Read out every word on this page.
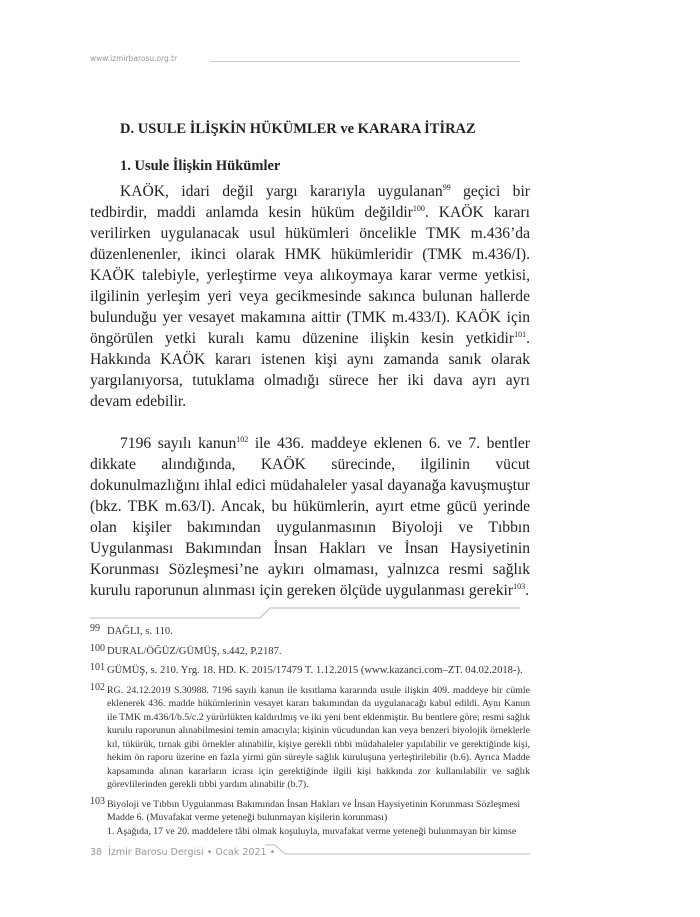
www.izmirbarosu.org.tr
D. USULE İLİŞKİN HÜKÜMLER ve KARARA İTİRAZ
1. Usule İlişkin Hükümler

KAÖK, idari değil yargı kararıyla uygulanan$^{99}$ geçici bir tedbirdir, maddi anlamda kesin hüküm değildir$^{100}$. KAÖK kararı verilirken uygulanacak usul hükümleri öncelikle TMK m.436’da düzenlenenler, ikinci olarak HMK hükümleridir (TMK m.436/I). KAÖK talebiyle, yerleştirme veya alıkoymaya karar verme yetkisi, ilgilinin yerleşim yeri veya gecikmesinde sakınca bulunan hallerde bulunduğu yer vesayet makamına aittir (TMK m.433/I). KAÖK için öngörülen yetki kuralı kamu düzenine ilişkin kesin yetkidir$^{101}$. Hakkında KAÖK kararı istenen kişi aynı zamanda sanık olarak yargılanıyorsa, tutuklama olmadığı sürece her iki dava ayrı ayrı devam edebilir.

7196 sayılı kanun$^{102}$ ile 436. maddeye eklenen 6. ve 7. bentler dikkate alındığında, KAÖK sürecinde, ilgilinin vücut dokunulmazlığını ihlal edici müdahaleler yasal dayanağa kavuşmuştur (bkz. TBK m.63/I). Ancak, bu hükümlerin, ayırt etme gücü yerinde olan kişiler bakımından uygulanmasının Biyoloji ve Tıbbın Uygulanması Bakımından İnsan Hakları ve İnsan Haysiyetinin Korunması Sözleşmesi’ne aykırı olmaması, yalnızca resmi sağlık kurulu raporunun alınması için gereken ölçüde uygulanması gerekir$^{103}$.

99 DAĞLI, s. 110.
100 DURAL/ÖĞÜZ/GÜMÜŞ, s.442, P.2187.
101 GÜMÜŞ, s. 210. Yrg. 18. HD. K. 2015/17479 T. 1.12.2015 (www.kazanci.com–ZT. 04.02.2018-).
102 RG. 24.12.2019 S.30988. 7196 sayılı kanun ile kısıtlama kararında usule ilişkin 409. maddeye bir cümle eklenerek 436. madde hükümlerinin vesayet kararı bakımından da uygulanacağı kabul edildi. Aynı Kanun ile TMK m.436/I/b.5/c.2 yürürlükten kaldırılmış ve iki yeni bent eklenmiştir. Bu bentlere göre; resmi sağlık kurulu raporunun alınabilmesini temin amacıyla; kişinin vücudundan kan veya benzeri biyolojik örneklerle kıl, tükürük, tırnak gibi örnekler alınabilir, kişiye gerekli tıbbi müdahaleler yapılabilir ve gerektiğinde kişi, hekim ön raporu üzerine en fazla yirmi gün süreyle sağlık kuruluşuna yerleştirilebilir (b.6). Ayrıca Madde kapsamında alınan kararların icrası için gerektiğinde ilgili kişi hakkında zor kullanılabilir ve sağlık görevlilerinden gerekli tıbbi yardım alınabilir (b.7).
103 Biyoloji ve Tıbbın Uygulanması Bakımından İnsan Hakları ve İnsan Haysiyetinin Korunması Sözleşmesi
Madde 6. (Muvafakat verme yeteneği bulunmayan kişilerin korunması)
1. Aşağıda, 17 ve 20. maddelere tâbi olmak koşuluyla, muvafakat verme yeteneği bulunmayan bir kimse
38 İzmir Barosu Dergisi • Ocak 2021 •
